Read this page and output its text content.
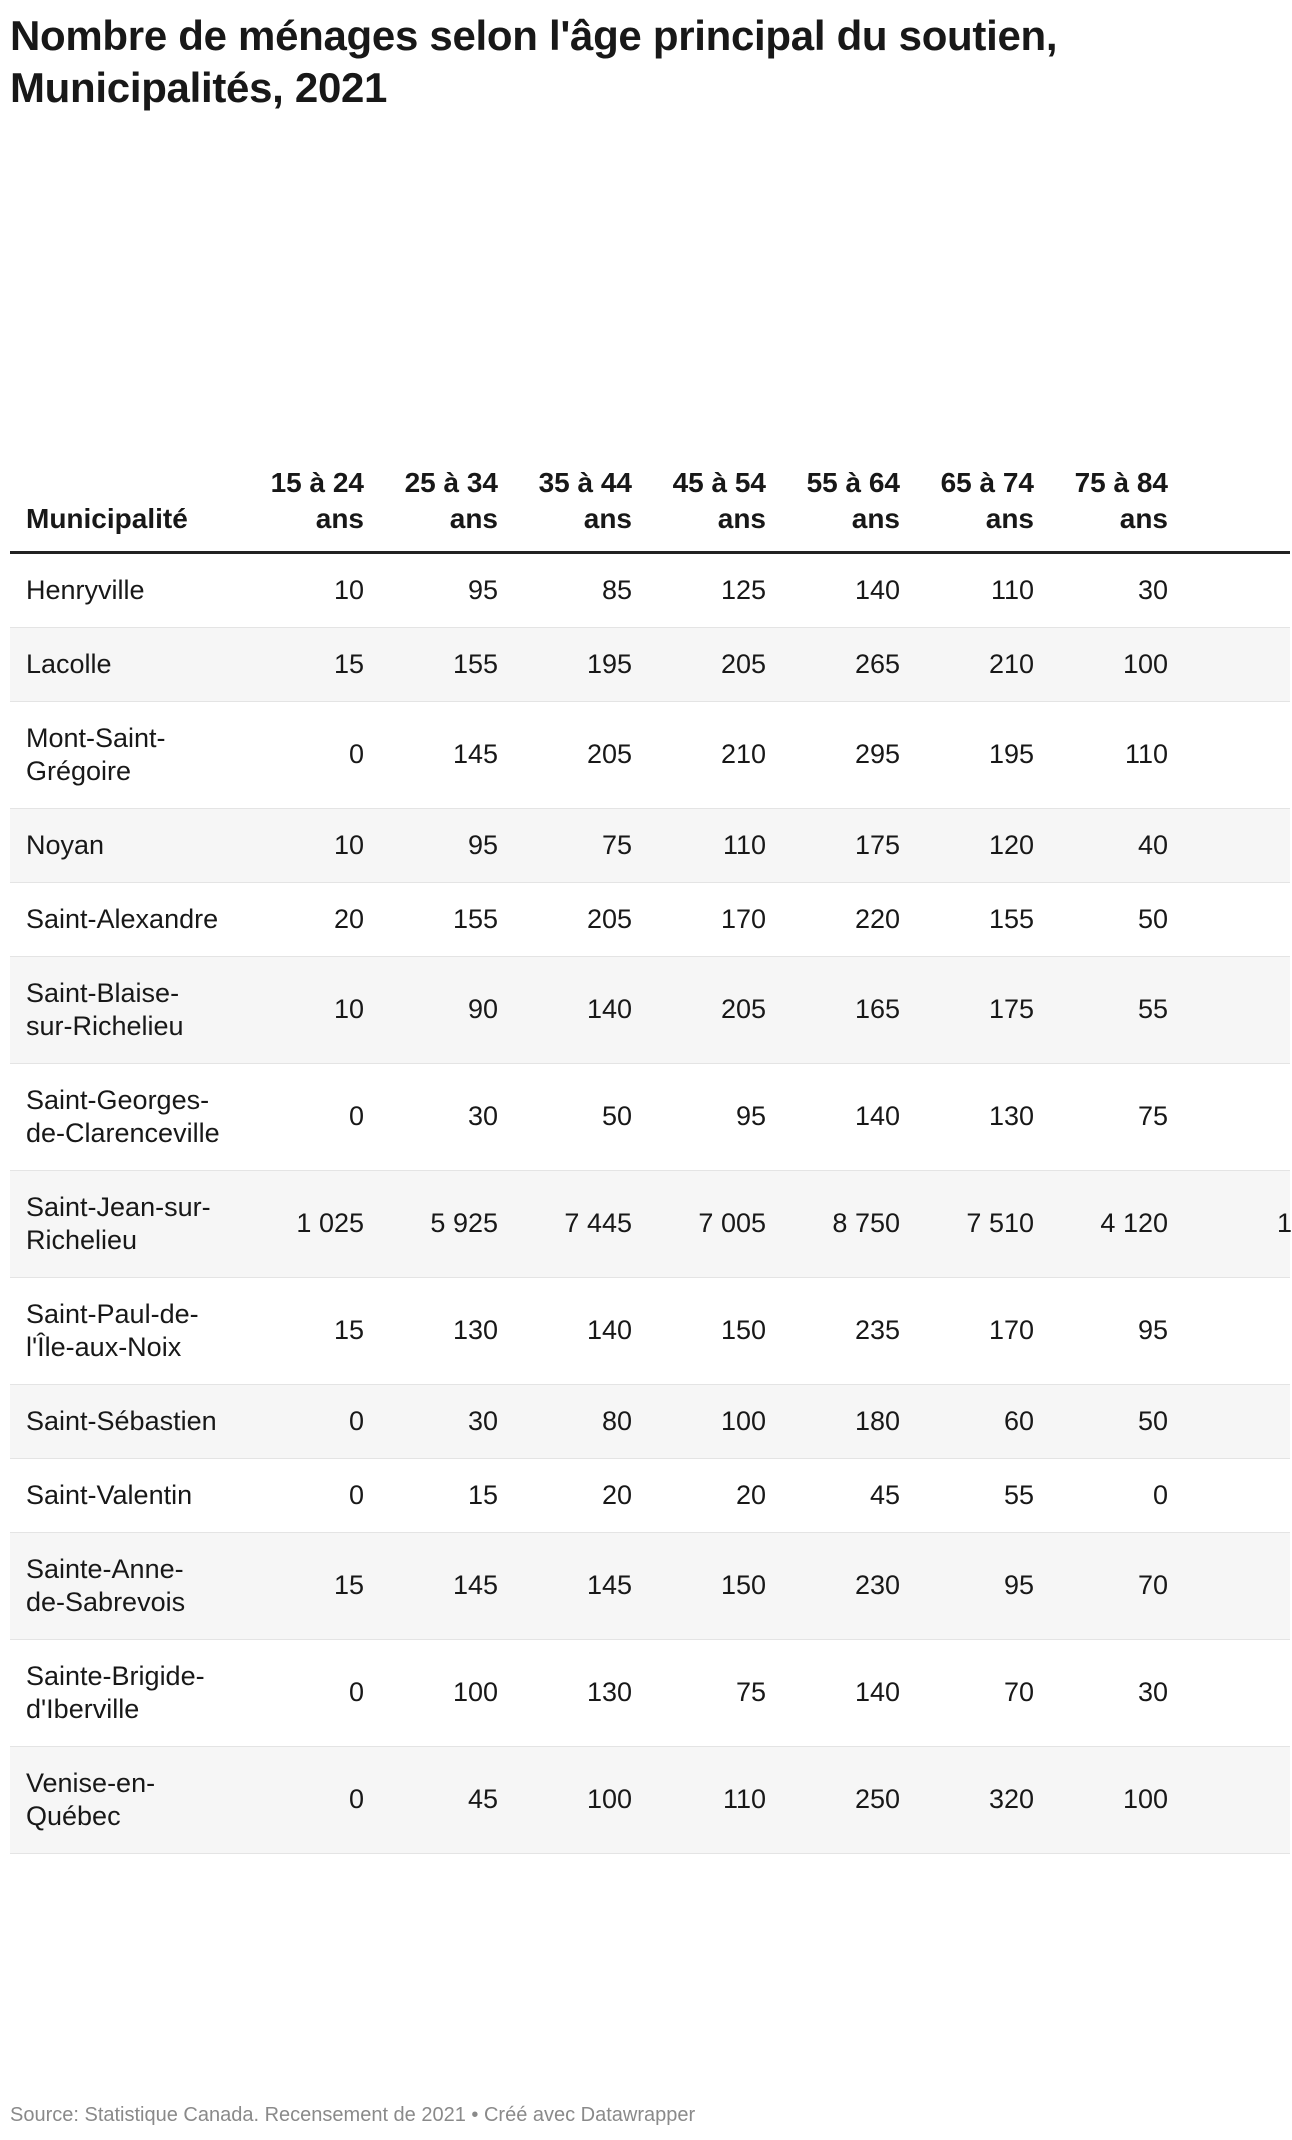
Nombre de ménages selon l'âge principal du soutien, Municipalités, 2021
Municipalité	15 à 24 ans	25 à 34 ans	35 à 44 ans	45 à 54 ans	55 à 64 ans	65 à 74 ans	75 à 84 ans	

Henryville	10	95	85	125	140	110	30	

Lacolle	15	155	195	205	265	210	100	

Mont-Saint-Grégoire	0	145	205	210	295	195	110	

Noyan	10	95	75	110	175	120	40	

Saint-Alexandre	20	155	205	170	220	155	50	

Saint-Blaise-sur-Richelieu	10	90	140	205	165	175	55	

Saint-Georges-de-Clarenceville	0	30	50	95	140	130	75	

Saint-Jean-sur-Richelieu	1 025	5 925	7 445	7 005	8 750	7 510	4 120	1

Saint-Paul-de-l'Île-aux-Noix	15	130	140	150	235	170	95	

Saint-Sébastien	0	30	80	100	180	60	50	

Saint-Valentin	0	15	20	20	45	55	0	

Sainte-Anne-de-Sabrevois	15	145	145	150	230	95	70	

Sainte-Brigide-d'Iberville	0	100	130	75	140	70	30	

Venise-en-Québec	0	45	100	110	250	320	100	

Source: Statistique Canada. Recensement de 2021 • Créé avec Datawrapper
